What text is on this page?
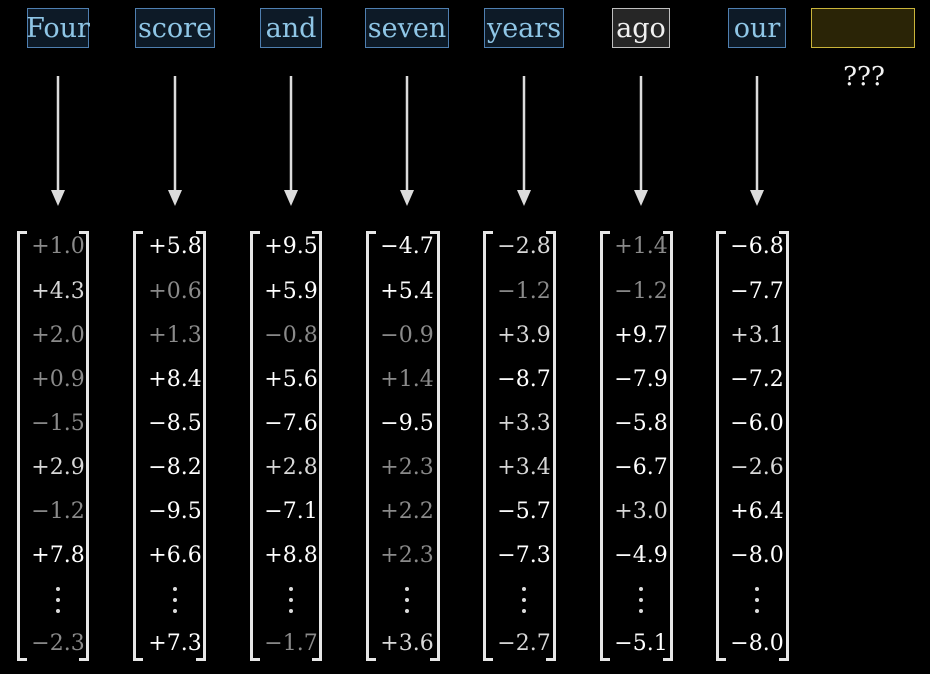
Four
+1.0
+4.3
+2.0
+0.9
−1.5
+2.9
−1.2
+7.8
−2.3
score
+5.8
+0.6
+1.3
+8.4
−8.5
−8.2
−9.5
+6.6
+7.3
and
+9.5
+5.9
−0.8
+5.6
−7.6
+2.8
−7.1
+8.8
−1.7
seven
−4.7
+5.4
−0.9
+1.4
−9.5
+2.3
+2.2
+2.3
+3.6
years
−2.8
−1.2
+3.9
−8.7
+3.3
+3.4
−5.7
−7.3
−2.7
ago
+1.4
−1.2
+9.7
−7.9
−5.8
−6.7
+3.0
−4.9
−5.1
our
−6.8
−7.7
+3.1
−7.2
−6.0
−2.6
+6.4
−8.0
−8.0
???
